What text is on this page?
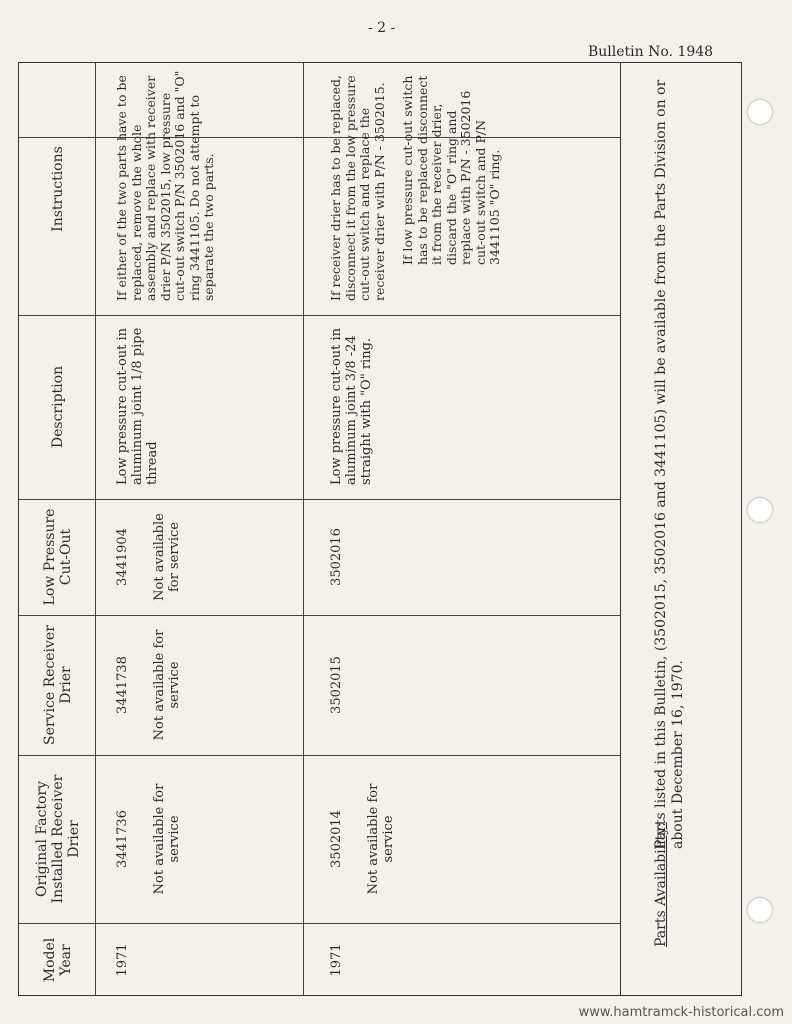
- 2 -
Bulletin No. 1948
Model Year
Original Factory Installed Receiver Drier
Service Receiver Drier
Low Pressure Cut-Out
Description
Instructions
1971
3441736 Not available for service
3441738 Not available for service
3441904 Not available for service
Low pressure cut-out in aluminum joint 1/8 pipe thread
If either of the two parts have to be replaced, remove the whole assembly and replace with receiver drier P/N 3502015, low pressure cut-out switch P/N 3502016 and "O" ring 3441105. Do not attempt to separate the two parts.
1971
3502014 Not available for service
3502015
3502016
Low pressure cut-out in aluminum joint 3/8 -24 straight with "O" ring.
If receiver drier has to be replaced, disconnect it from the low pressure cut-out switch and replace the receiver drier with P/N - 3502015. If low pressure cut-out switch has to be replaced disconnect it from the receiver drier, discard the "O" ring and replace with P/N - 3502016 cut-out switch and P/N 3441105 "O" ring.
Parts Availability:
Parts listed in this Bulletin, (3502015, 3502016 and 3441105) will be available from the Parts Division on or about December 16, 1970.
www.hamtramck-historical.com
